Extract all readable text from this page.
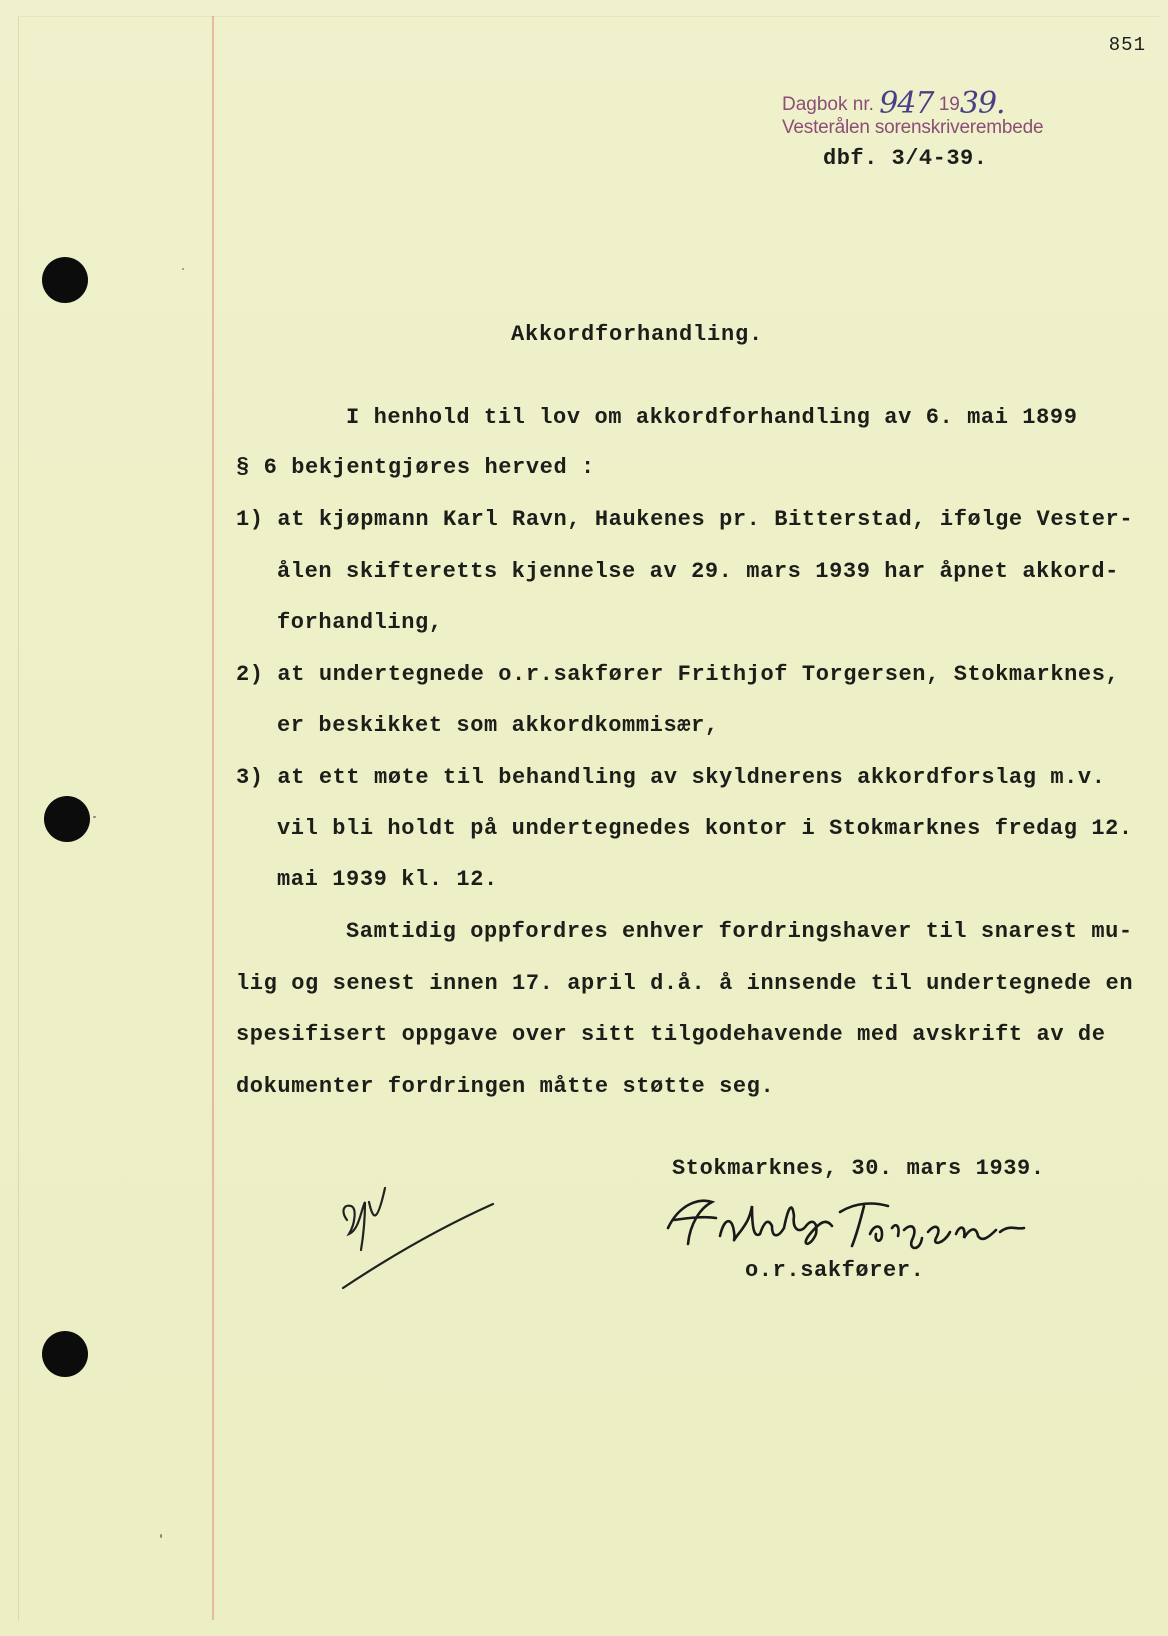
851
Dagbok nr. 947 1939.
Vesterålen sorenskriverembede
dbf. 3/4-39.
Akkordforhandling.
I henhold til lov om akkordforhandling av 6. mai 1899
§ 6 bekjentgjøres herved :
1) at kjøpmann Karl Ravn, Haukenes pr. Bitterstad, ifølge Vester-
ålen skifteretts kjennelse av 29. mars 1939 har åpnet akkord-
forhandling,
2) at undertegnede o.r.sakfører Frithjof Torgersen, Stokmarknes,
er beskikket som akkordkommisær,
3) at ett møte til behandling av skyldnerens akkordforslag m.v.
vil bli holdt på undertegnedes kontor i Stokmarknes fredag 12.
mai 1939 kl. 12.
Samtidig oppfordres enhver fordringshaver til snarest mu-
lig og senest innen 17. april d.å. å innsende til undertegnede en
spesifisert oppgave over sitt tilgodehavende med avskrift av de
dokumenter fordringen måtte støtte seg.
Stokmarknes, 30. mars 1939.
o.r.sakfører.
